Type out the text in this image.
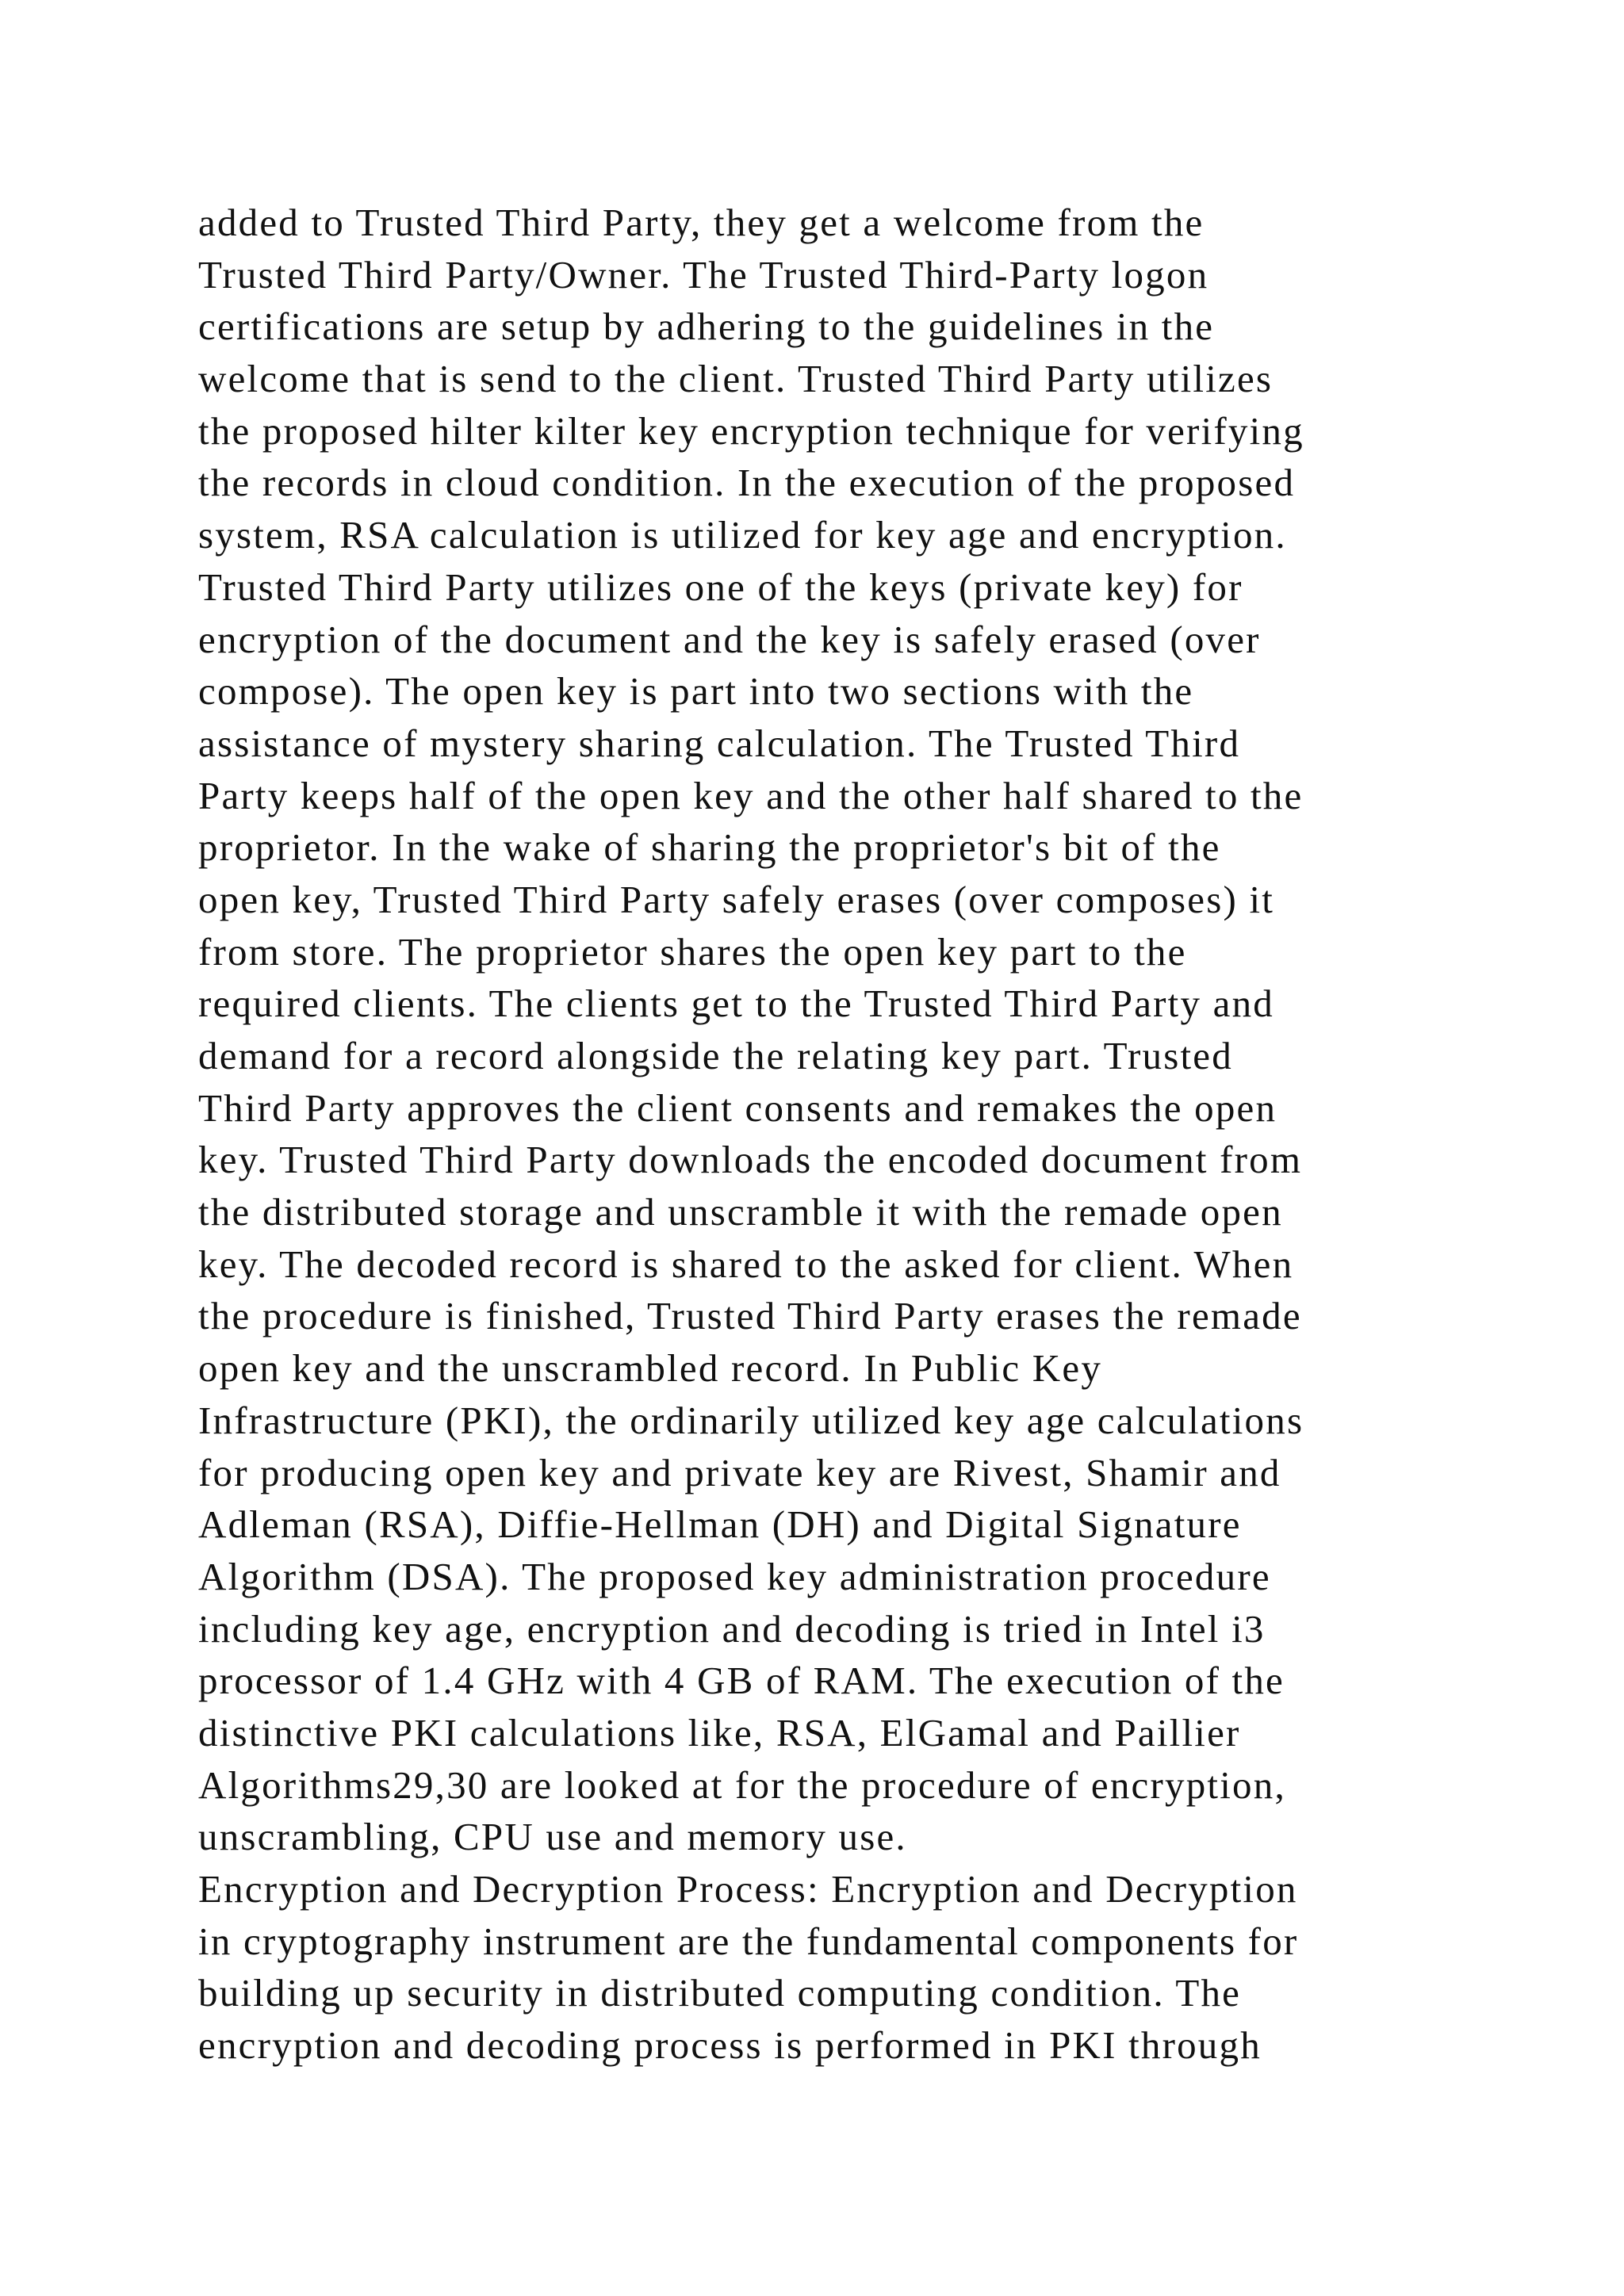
added to Trusted Third Party, they get a welcome from the
Trusted Third Party/Owner. The Trusted Third-Party logon
certifications are setup by adhering to the guidelines in the
welcome that is send to the client. Trusted Third Party utilizes
the proposed hilter kilter key encryption technique for verifying
the records in cloud condition. In the execution of the proposed
system, RSA calculation is utilized for key age and encryption.
Trusted Third Party utilizes one of the keys (private key) for
encryption of the document and the key is safely erased (over
compose). The open key is part into two sections with the
assistance of mystery sharing calculation. The Trusted Third
Party keeps half of the open key and the other half shared to the
proprietor. In the wake of sharing the proprietor's bit of the
open key, Trusted Third Party safely erases (over composes) it
from store. The proprietor shares the open key part to the
required clients. The clients get to the Trusted Third Party and
demand for a record alongside the relating key part. Trusted
Third Party approves the client consents and remakes the open
key. Trusted Third Party downloads the encoded document from
the distributed storage and unscramble it with the remade open
key. The decoded record is shared to the asked for client. When
the procedure is finished, Trusted Third Party erases the remade
open key and the unscrambled record. In Public Key
Infrastructure (PKI), the ordinarily utilized key age calculations
for producing open key and private key are Rivest, Shamir and
Adleman (RSA), Diffie-Hellman (DH) and Digital Signature
Algorithm (DSA). The proposed key administration procedure
including key age, encryption and decoding is tried in Intel i3
processor of 1.4 GHz with 4 GB of RAM. The execution of the
distinctive PKI calculations like, RSA, ElGamal and Paillier
Algorithms29,30 are looked at for the procedure of encryption,
unscrambling, CPU use and memory use.
Encryption and Decryption Process: Encryption and Decryption
in cryptography instrument are the fundamental components for
building up security in distributed computing condition. The
encryption and decoding process is performed in PKI through
